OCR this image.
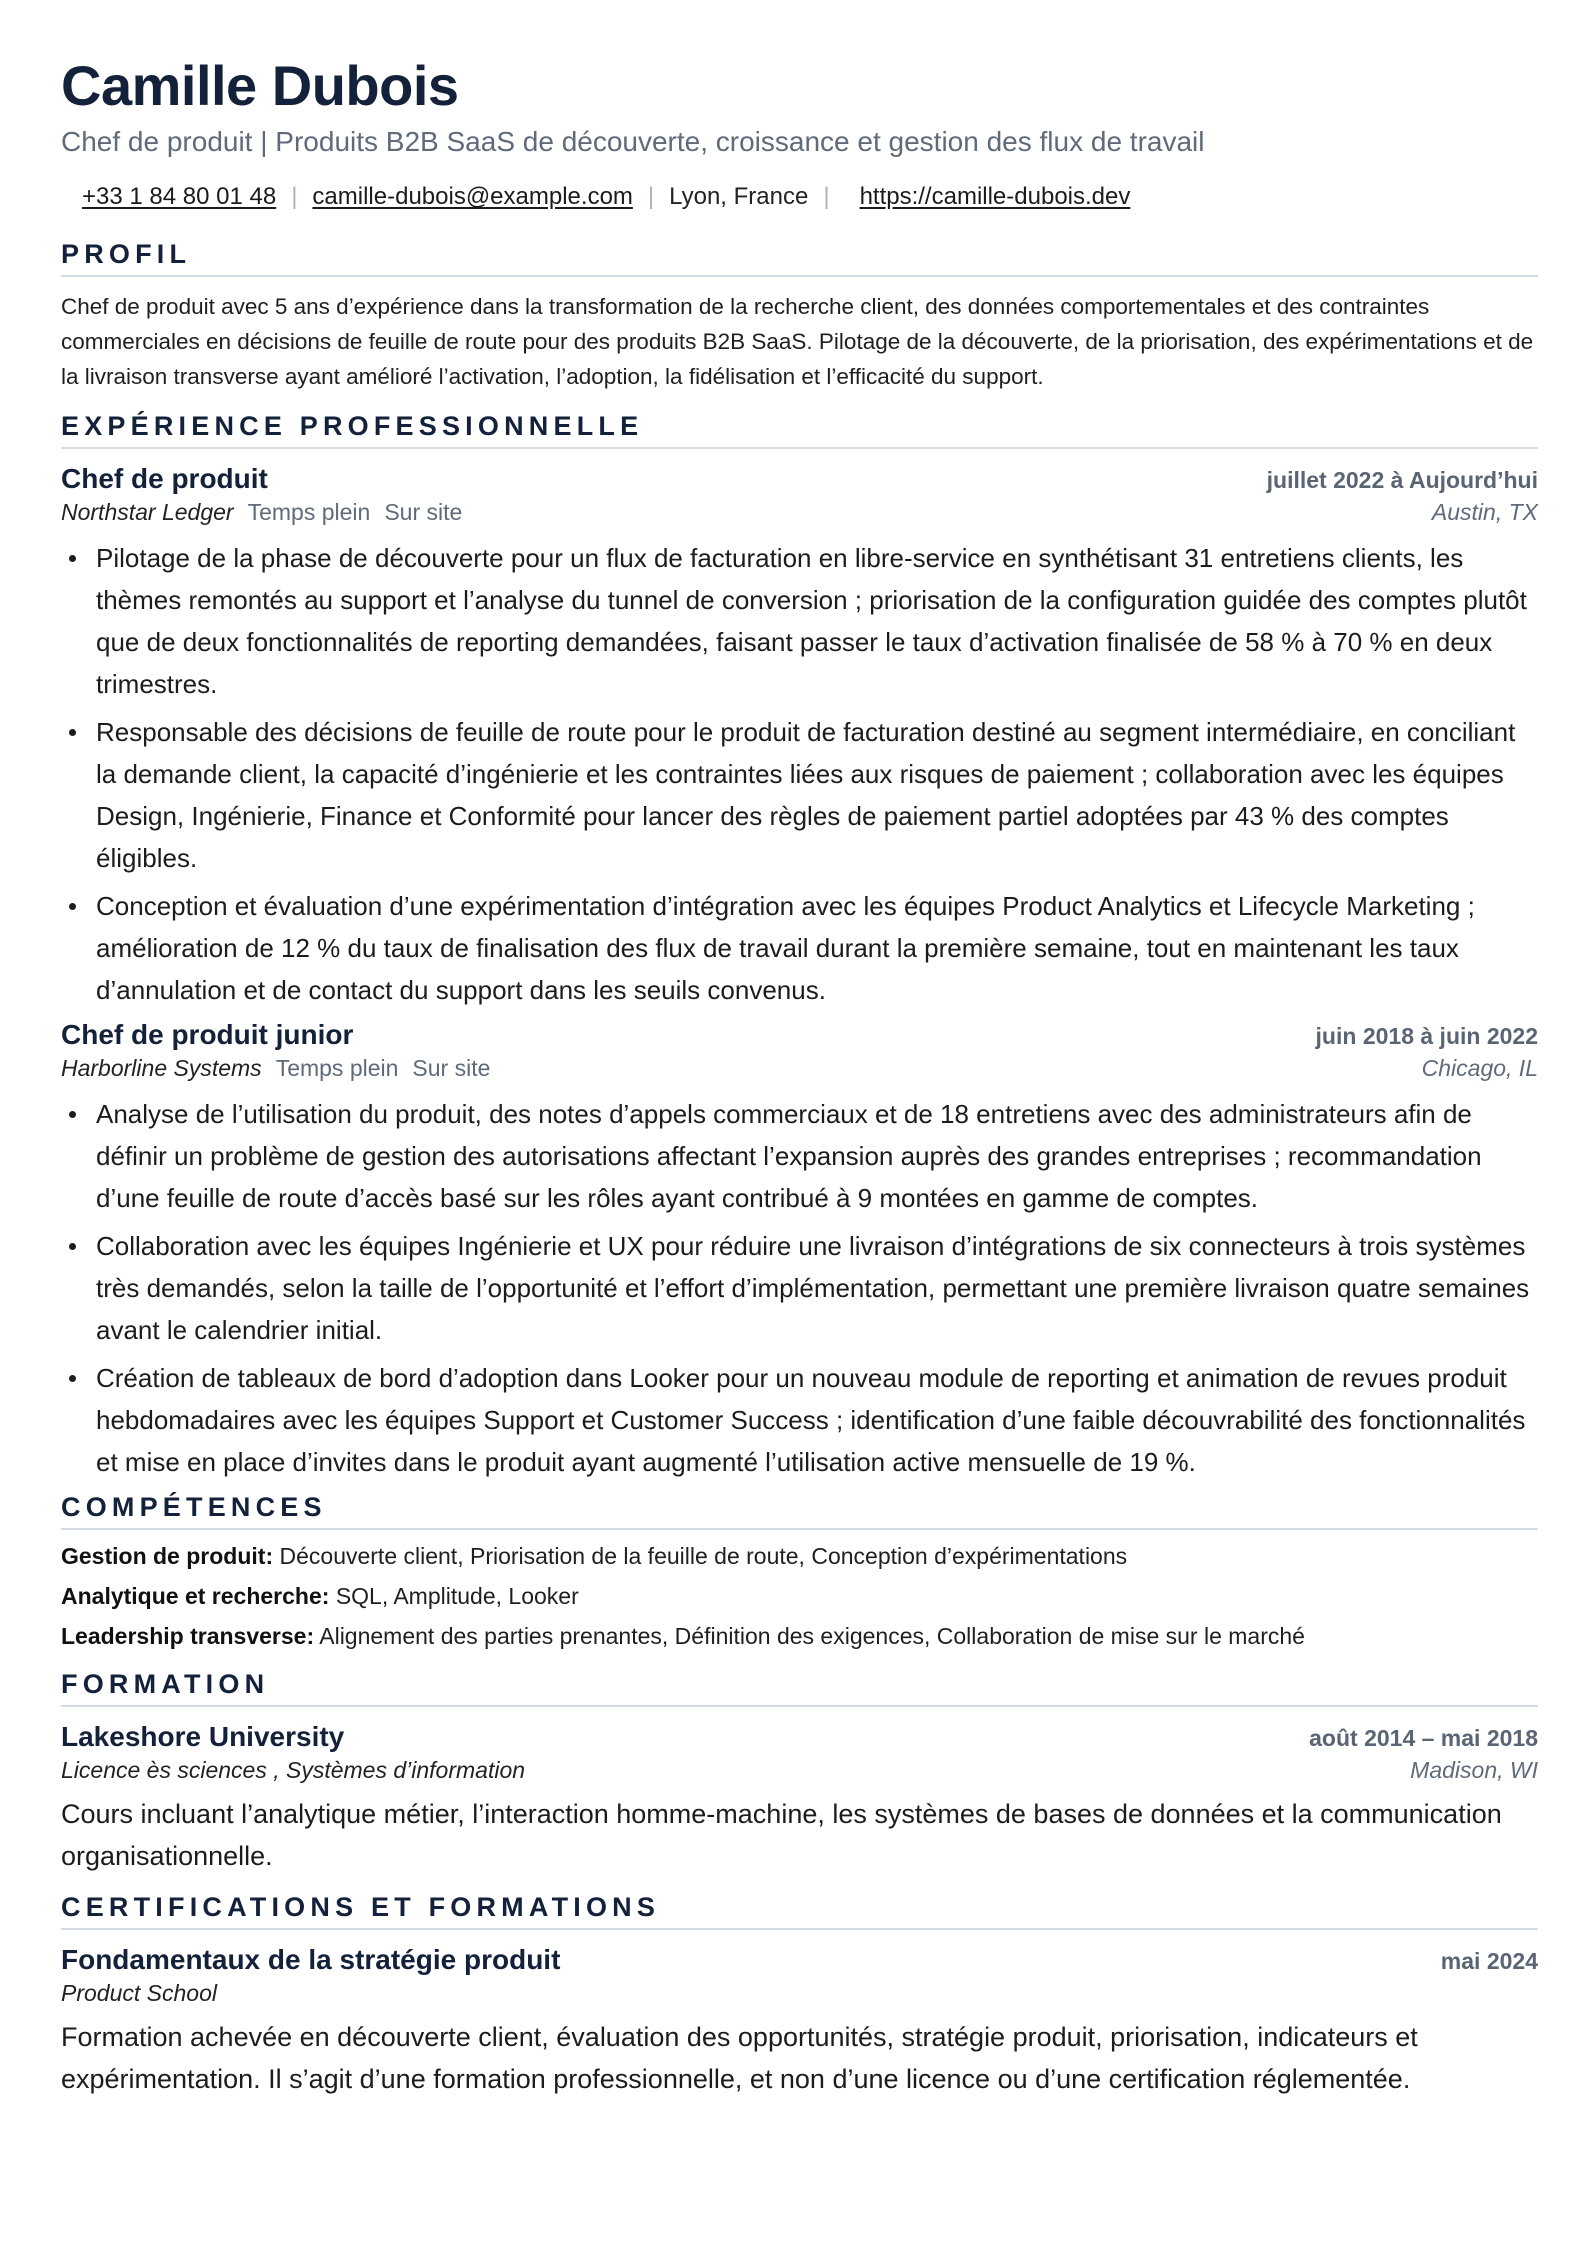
Camille Dubois
Chef de produit | Produits B2B SaaS de découverte, croissance et gestion des flux de travail
+33 1 84 80 01 48 | camille-dubois@example.com | Lyon, France | https://camille-dubois.dev
PROFIL
Chef de produit avec 5 ans d’expérience dans la transformation de la recherche client, des données comportementales et des contraintes commerciales en décisions de feuille de route pour des produits B2B SaaS. Pilotage de la découverte, de la priorisation, des expérimentations et de la livraison transverse ayant amélioré l’activation, l’adoption, la fidélisation et l’efficacité du support.
EXPÉRIENCE PROFESSIONNELLE
Chef de produit	juillet 2022 à Aujourd’hui
Northstar Ledger Temps plein Sur site	Austin, TX
Pilotage de la phase de découverte pour un flux de facturation en libre-service en synthétisant 31 entretiens clients, les thèmes remontés au support et l’analyse du tunnel de conversion ; priorisation de la configuration guidée des comptes plutôt que de deux fonctionnalités de reporting demandées, faisant passer le taux d’activation finalisée de 58 % à 70 % en deux trimestres.
Responsable des décisions de feuille de route pour le produit de facturation destiné au segment intermédiaire, en conciliant la demande client, la capacité d’ingénierie et les contraintes liées aux risques de paiement ; collaboration avec les équipes Design, Ingénierie, Finance et Conformité pour lancer des règles de paiement partiel adoptées par 43 % des comptes éligibles.
Conception et évaluation d’une expérimentation d’intégration avec les équipes Product Analytics et Lifecycle Marketing ; amélioration de 12 % du taux de finalisation des flux de travail durant la première semaine, tout en maintenant les taux d’annulation et de contact du support dans les seuils convenus.
Chef de produit junior	juin 2018 à juin 2022
Harborline Systems Temps plein Sur site	Chicago, IL
Analyse de l’utilisation du produit, des notes d’appels commerciaux et de 18 entretiens avec des administrateurs afin de définir un problème de gestion des autorisations affectant l’expansion auprès des grandes entreprises ; recommandation d’une feuille de route d’accès basé sur les rôles ayant contribué à 9 montées en gamme de comptes.
Collaboration avec les équipes Ingénierie et UX pour réduire une livraison d’intégrations de six connecteurs à trois systèmes très demandés, selon la taille de l’opportunité et l’effort d’implémentation, permettant une première livraison quatre semaines avant le calendrier initial.
Création de tableaux de bord d’adoption dans Looker pour un nouveau module de reporting et animation de revues produit hebdomadaires avec les équipes Support et Customer Success ; identification d’une faible découvrabilité des fonctionnalités et mise en place d’invites dans le produit ayant augmenté l’utilisation active mensuelle de 19 %.
COMPÉTENCES
Gestion de produit: Découverte client, Priorisation de la feuille de route, Conception d’expérimentations
Analytique et recherche: SQL, Amplitude, Looker
Leadership transverse: Alignement des parties prenantes, Définition des exigences, Collaboration de mise sur le marché
FORMATION
Lakeshore University	août 2014 – mai 2018
Licence ès sciences , Systèmes d’information	Madison, WI
Cours incluant l’analytique métier, l’interaction homme-machine, les systèmes de bases de données et la communication organisationnelle.
CERTIFICATIONS ET FORMATIONS
Fondamentaux de la stratégie produit	mai 2024
Product School
Formation achevée en découverte client, évaluation des opportunités, stratégie produit, priorisation, indicateurs et expérimentation. Il s’agit d’une formation professionnelle, et non d’une licence ou d’une certification réglementée.
